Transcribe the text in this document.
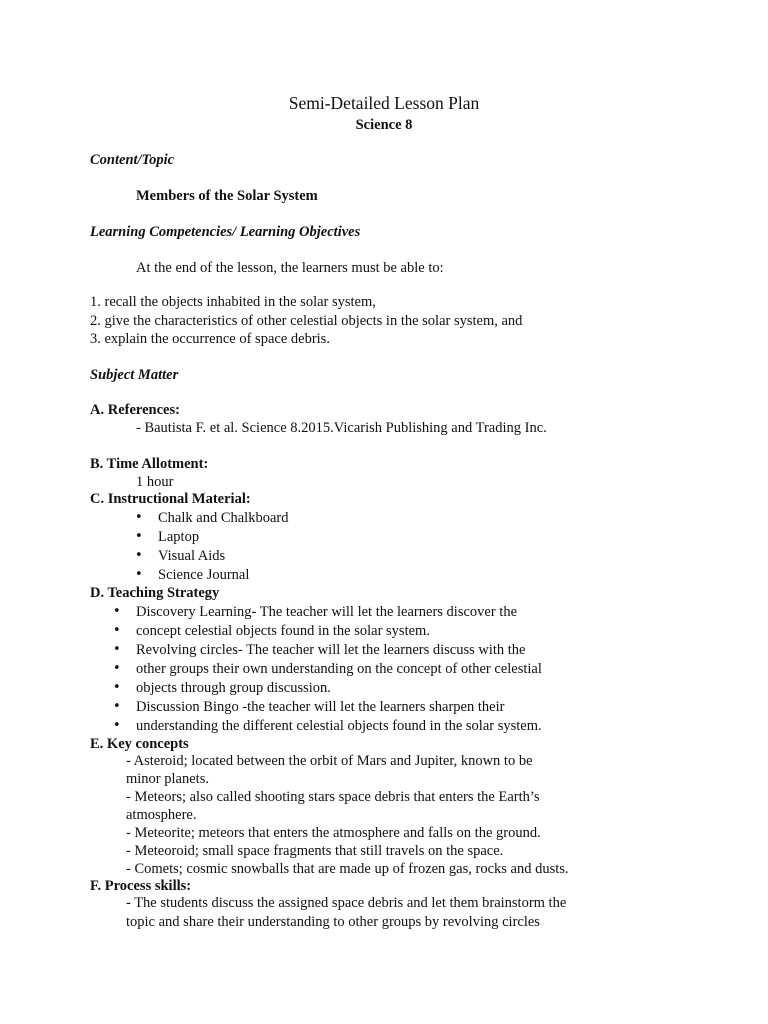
Semi-Detailed Lesson Plan
Science 8
Content/Topic
Members of the Solar System
Learning Competencies/ Learning Objectives
At the end of the lesson, the learners must be able to:
1. recall the objects inhabited in the solar system,
2. give the characteristics of other celestial objects in the solar system, and
3. explain the occurrence of space debris.
Subject Matter
A. References:
- Bautista F. et al. Science 8.2015.Vicarish Publishing and Trading Inc.
B. Time Allotment:
1 hour
C. Instructional Material:
• Chalk and Chalkboard
• Laptop
• Visual Aids
• Science Journal
D. Teaching Strategy
• Discovery Learning- The teacher will let the learners discover the
• concept celestial objects found in the solar system.
• Revolving circles- The teacher will let the learners discuss with the
• other groups their own understanding on the concept of other celestial
• objects through group discussion.
• Discussion Bingo -the teacher will let the learners sharpen their
• understanding the different celestial objects found in the solar system.
E. Key concepts
- Asteroid; located between the orbit of Mars and Jupiter, known to be
minor planets.
- Meteors; also called shooting stars space debris that enters the Earth’s
atmosphere.
- Meteorite; meteors that enters the atmosphere and falls on the ground.
- Meteoroid; small space fragments that still travels on the space.
- Comets; cosmic snowballs that are made up of frozen gas, rocks and dusts.
F. Process skills:
- The students discuss the assigned space debris and let them brainstorm the
topic and share their understanding to other groups by revolving circles
